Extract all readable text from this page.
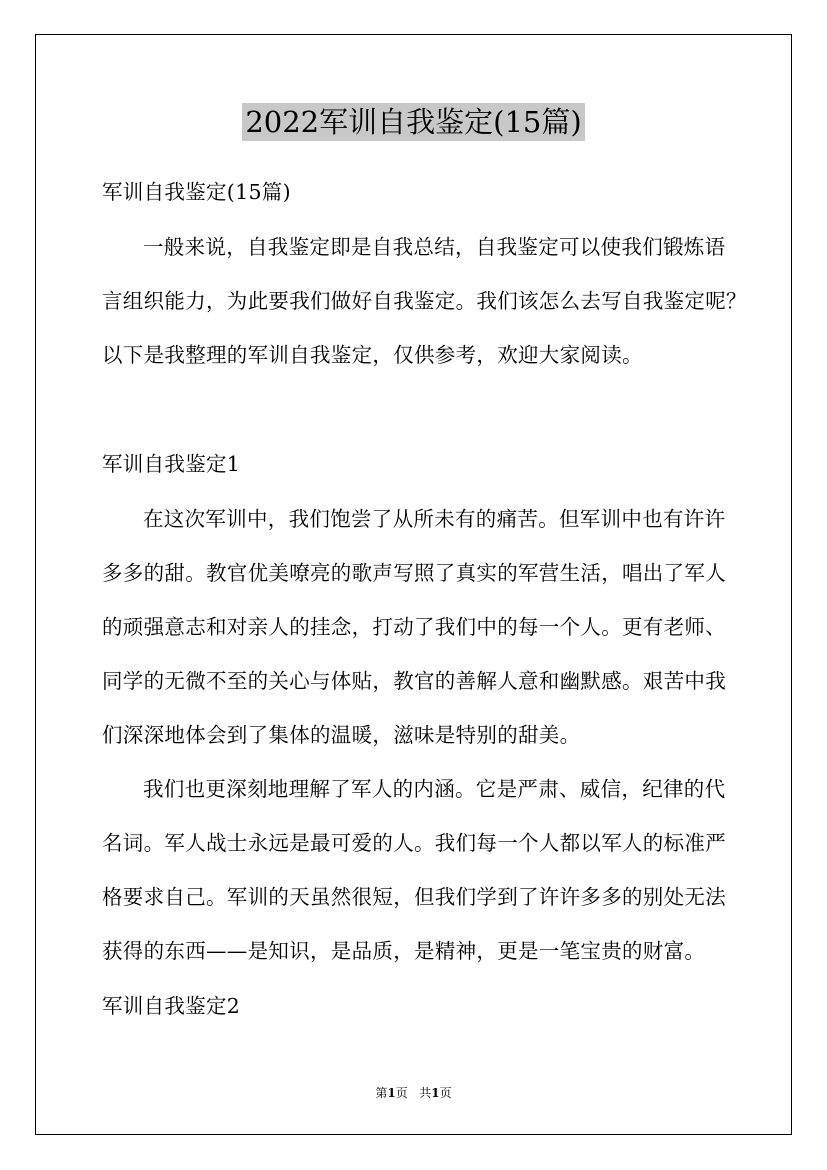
2022军训自我鉴定(15篇)
军训自我鉴定(15篇)
一般来说，自我鉴定即是自我总结，自我鉴定可以使我们锻炼语
言组织能力，为此要我们做好自我鉴定。我们该怎么去写自我鉴定呢？
以下是我整理的军训自我鉴定，仅供参考，欢迎大家阅读。
军训自我鉴定1
在这次军训中，我们饱尝了从所未有的痛苦。但军训中也有许许
多多的甜。教官优美嘹亮的歌声写照了真实的军营生活，唱出了军人
的顽强意志和对亲人的挂念，打动了我们中的每一个人。更有老师、
同学的无微不至的关心与体贴，教官的善解人意和幽默感。艰苦中我
们深深地体会到了集体的温暖，滋味是特别的甜美。
我们也更深刻地理解了军人的内涵。它是严肃、威信，纪律的代
名词。军人战士永远是最可爱的人。我们每一个人都以军人的标准严
格要求自己。军训的天虽然很短，但我们学到了许许多多的别处无法
获得的东西——是知识，是品质，是精神，更是一笔宝贵的财富。
军训自我鉴定2
第1页 共1页
